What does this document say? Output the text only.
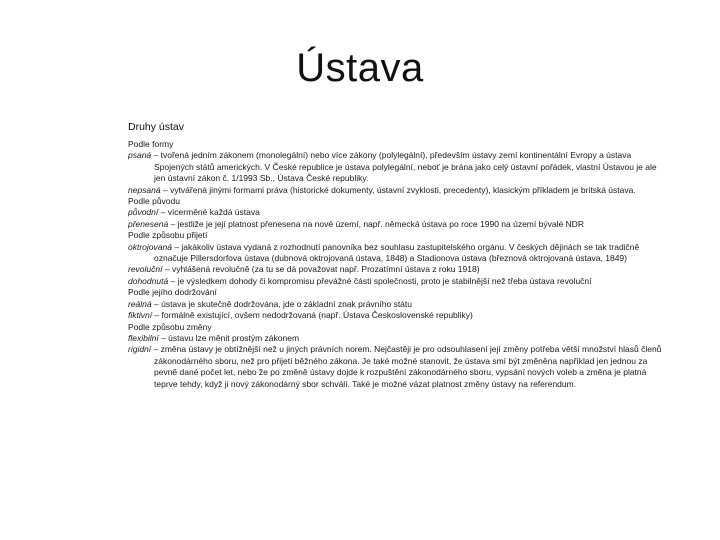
Ústava
Druhy ústav
Podle formy
psaná – tvořená jedním zákonem (monolegální) nebo více zákony (polylegální), především ústavy zemí kontinentální Evropy a ústava Spojených států amerických. V České republice je ústava polylegální, neboť je brána jako celý ústavní pořádek, vlastní Ústavou je ale jen ústavní zákon č. 1/1993 Sb., Ústava České republiky.
nepsaná – vytvářená jinými formami práva (historické dokumenty, ústavní zvyklosti, precedenty), klasickým příkladem je britská ústava.
Podle původu
původní – vícerměné každá ústava
přenesená – jestliže je její platnost přenesena na nové území, např. německá ústava po roce 1990 na území bývalé NDR
Podle způsobu přijetí
oktrojovaná – jakákoliv ústava vydaná z rozhodnutí panovníka bez souhlasu zastupitelského orgánu. V českých dějinách se tak tradičně označuje Pillersdorfova ústava (dubnová oktrojovaná ústava, 1848) a Stadionova ústava (březnová oktrojovaná ústava, 1849)
revoluční – vyhlášená revolučně (za tu se dá považovat např. Prozatímní ústava z roku 1918)
dohodnutá – je výsledkem dohody či kompromisu převážné části společnosti, proto je stabilnější než třeba ústava revoluční
Podle jejího dodržování
reálná – ústava je skutečně dodržována, jde o základní znak právního státu
fiktivní – formálně existující, ovšem nedodržovaná (např. Ústava Československé republiky)
Podle způsobu změny
flexibilní – ústavu lze měnit prostým zákonem
rigidní – změna ústavy je obtížnější než u jiných právních norem. Nejčastěji je pro odsouhlasení její změny potřeba větší množství hlasů členů zákonodárného sboru, než pro přijetí běžného zákona. Je také možné stanovit, že ústava smí být změněna například jen jednou za pevně dané počet let, nebo že po změně ústavy dojde k rozpuštění zákonodárného sboru, vypsání nových voleb a změna je platná teprve tehdy, když ji nový zákonodárný sbor schválí. Také je možné vázat platnost změny ústavy na referendum.
